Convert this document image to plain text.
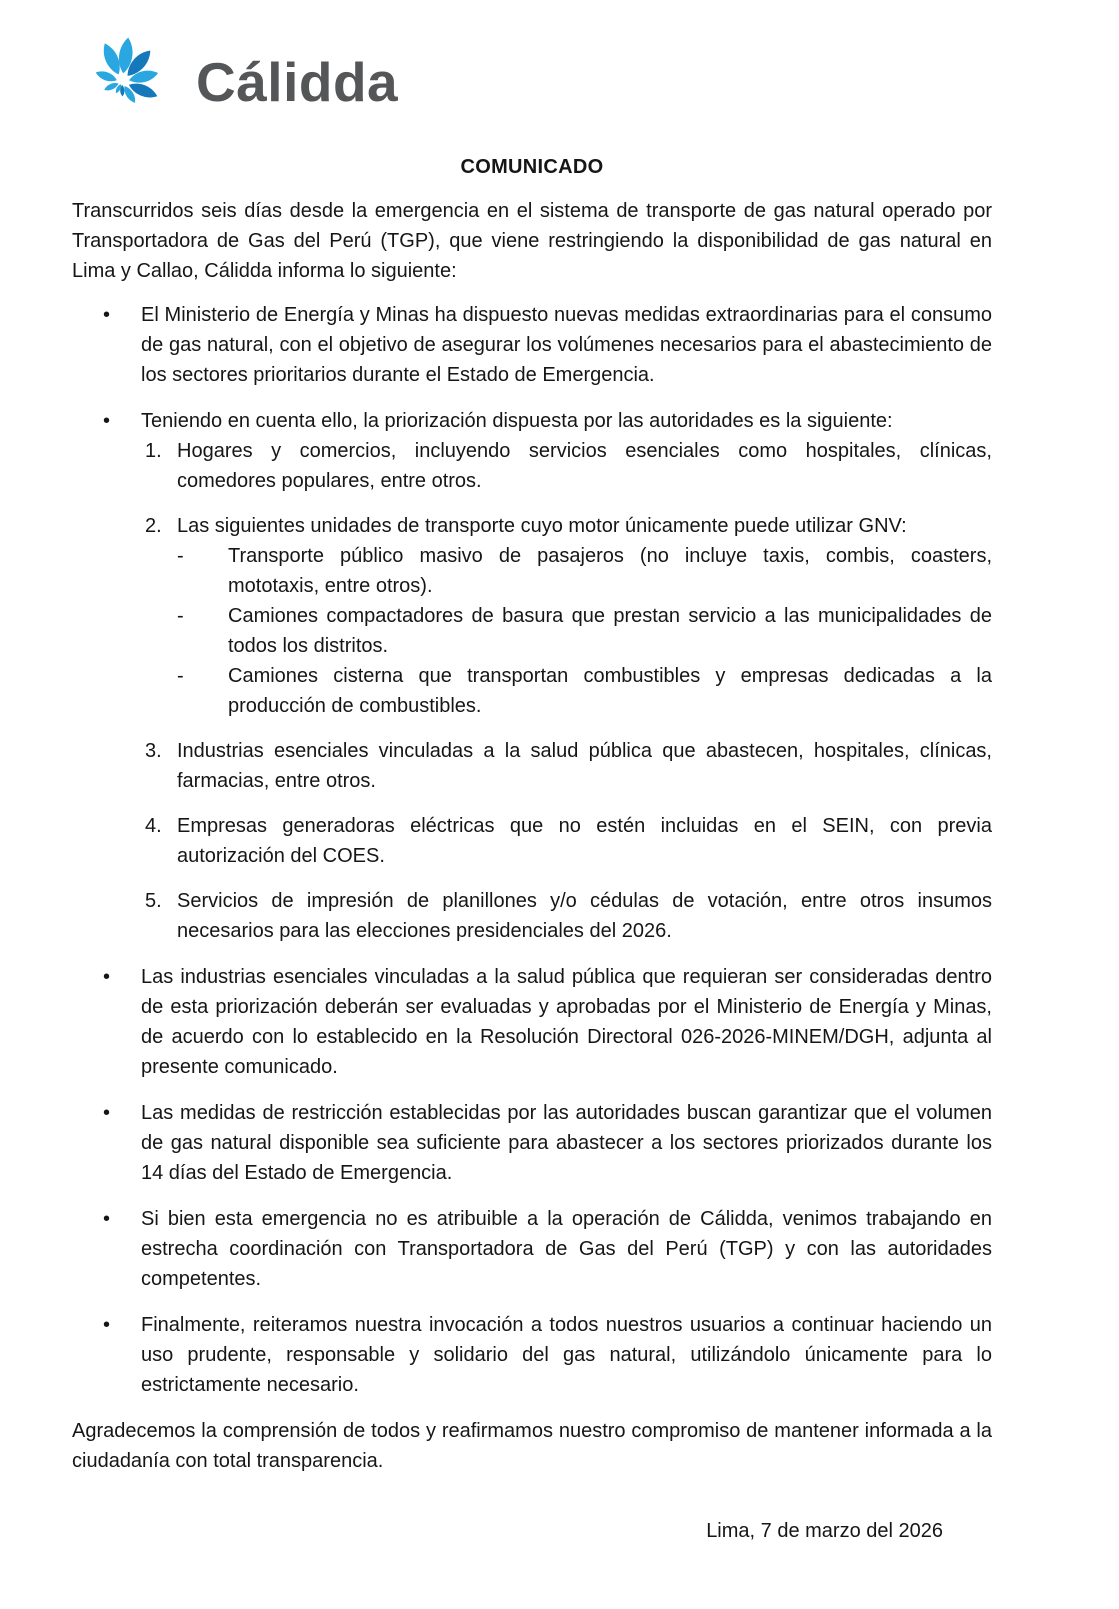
Cálidda
COMUNICADO

Transcurridos seis días desde la emergencia en el sistema de transporte de gas natural operado por Transportadora de Gas del Perú (TGP), que viene restringiendo la disponibilidad de gas natural en Lima y Callao, Cálidda informa lo siguiente:

•	El Ministerio de Energía y Minas ha dispuesto nuevas medidas extraordinarias para el consumo de gas natural, con el objetivo de asegurar los volúmenes necesarios para el abastecimiento de los sectores prioritarios durante el Estado de Emergencia.
•	Teniendo en cuenta ello, la priorización dispuesta por las autoridades es la siguiente:

1. Hogares y comercios, incluyendo servicios esenciales como hospitales, clínicas, comedores populares, entre otros.
2. Las siguientes unidades de transporte cuyo motor únicamente puede utilizar GNV:

-	Transporte público masivo de pasajeros (no incluye taxis, combis, coasters, mototaxis, entre otros).
-	Camiones compactadores de basura que prestan servicio a las municipalidades de todos los distritos.
-	Camiones cisterna que transportan combustibles y empresas dedicadas a la producción de combustibles.
3. Industrias esenciales vinculadas a la salud pública que abastecen, hospitales, clínicas, farmacias, entre otros.
4. Empresas generadoras eléctricas que no estén incluidas en el SEIN, con previa autorización del COES.
5. Servicios de impresión de planillones y/o cédulas de votación, entre otros insumos necesarios para las elecciones presidenciales del 2026.
•	Las industrias esenciales vinculadas a la salud pública que requieran ser consideradas dentro de esta priorización deberán ser evaluadas y aprobadas por el Ministerio de Energía y Minas, de acuerdo con lo establecido en la Resolución Directoral 026-2026-MINEM/DGH, adjunta al presente comunicado.
•	Las medidas de restricción establecidas por las autoridades buscan garantizar que el volumen de gas natural disponible sea suficiente para abastecer a los sectores priorizados durante los 14 días del Estado de Emergencia.
•	Si bien esta emergencia no es atribuible a la operación de Cálidda, venimos trabajando en estrecha coordinación con Transportadora de Gas del Perú (TGP) y con las autoridades competentes.
•	Finalmente, reiteramos nuestra invocación a todos nuestros usuarios a continuar haciendo un uso prudente, responsable y solidario del gas natural, utilizándolo únicamente para lo estrictamente necesario.

Agradecemos la comprensión de todos y reafirmamos nuestro compromiso de mantener informada a la ciudadanía con total transparencia.

Lima, 7 de marzo del 2026
